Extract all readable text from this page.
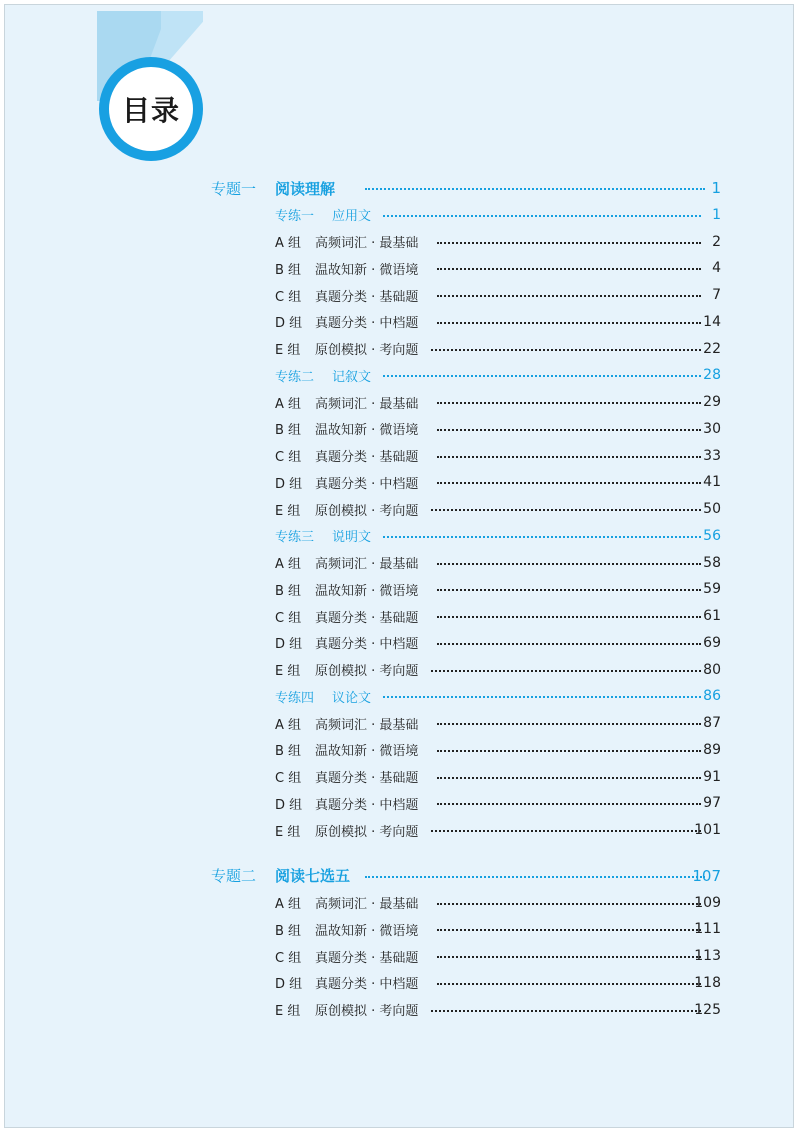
目录
专题一 阅读理解	1
专练一 应用文	1
A 组 高频词汇 · 最基础	2
B 组 温故知新 · 微语境	4
C 组 真题分类 · 基础题	7
D 组 真题分类 · 中档题	14
E 组 原创模拟 · 考向题	22
专练二 记叙文	28
A 组 高频词汇 · 最基础	29
B 组 温故知新 · 微语境	30
C 组 真题分类 · 基础题	33
D 组 真题分类 · 中档题	41
E 组 原创模拟 · 考向题	50
专练三 说明文	56
A 组 高频词汇 · 最基础	58
B 组 温故知新 · 微语境	59
C 组 真题分类 · 基础题	61
D 组 真题分类 · 中档题	69
E 组 原创模拟 · 考向题	80
专练四 议论文	86
A 组 高频词汇 · 最基础	87
B 组 温故知新 · 微语境	89
C 组 真题分类 · 基础题	91
D 组 真题分类 · 中档题	97
E 组 原创模拟 · 考向题	101
专题二 阅读七选五	107
A 组 高频词汇 · 最基础	109
B 组 温故知新 · 微语境	111
C 组 真题分类 · 基础题	113
D 组 真题分类 · 中档题	118
E 组 原创模拟 · 考向题	125
